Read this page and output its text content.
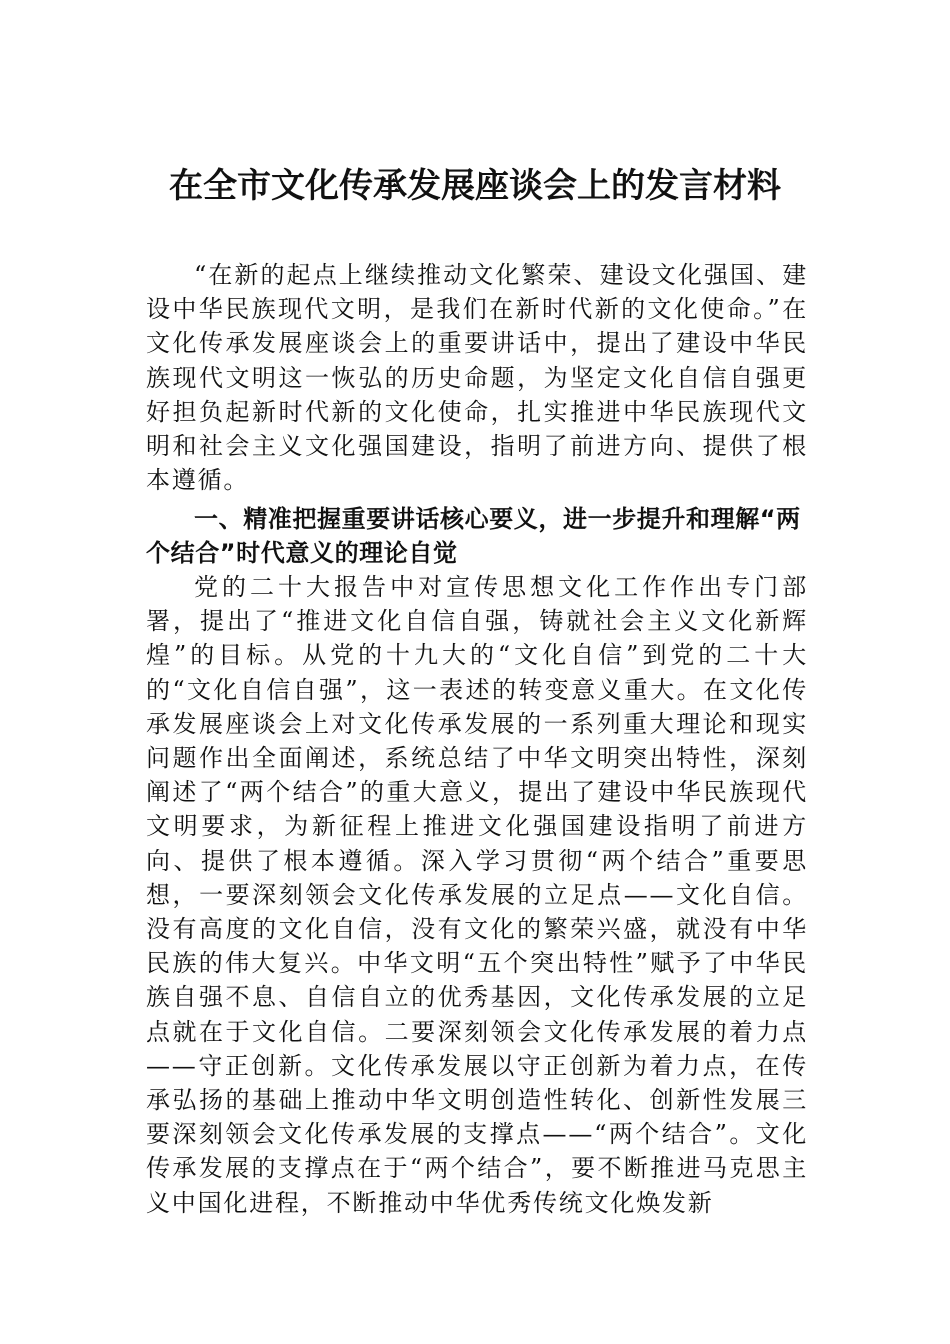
在全市文化传承发展座谈会上的发言材料

“在新的起点上继续推动文化繁荣、建设文化强国、建设中华民族现代文明，是我们在新时代新的文化使命。”在文化传承发展座谈会上的重要讲话中，提出了建设中华民族现代文明这一恢弘的历史命题，为坚定文化自信自强更好担负起新时代新的文化使命，扎实推进中华民族现代文明和社会主义文化强国建设，指明了前进方向、提供了根本遵循。

一、精准把握重要讲话核心要义，进一步提升和理解“两个结合”时代意义的理论自觉

党的二十大报告中对宣传思想文化工作作出专门部署，提出了“推进文化自信自强，铸就社会主义文化新辉煌”的目标。从党的十九大的“文化自信”到党的二十大的“文化自信自强”，这一表述的转变意义重大。在文化传承发展座谈会上对文化传承发展的一系列重大理论和现实问题作出全面阐述，系统总结了中华文明突出特性，深刻阐述了“两个结合”的重大意义，提出了建设中华民族现代文明要求，为新征程上推进文化强国建设指明了前进方向、提供了根本遵循。深入学习贯彻“两个结合”重要思想，一要深刻领会文化传承发展的立足点——文化自信。没有高度的文化自信，没有文化的繁荣兴盛，就没有中华民族的伟大复兴。中华文明“五个突出特性”赋予了中华民族自强不息、自信自立的优秀基因，文化传承发展的立足点就在于文化自信。二要深刻领会文化传承发展的着力点——守正创新。文化传承发展以守正创新为着力点，在传承弘扬的基础上推动中华文明创造性转化、创新性发展三要深刻领会文化传承发展的支撑点——“两个结合”。文化传承发展的支撑点在于“两个结合”，要不断推进马克思主义中国化进程，不断推动中华优秀传统文化焕发新
